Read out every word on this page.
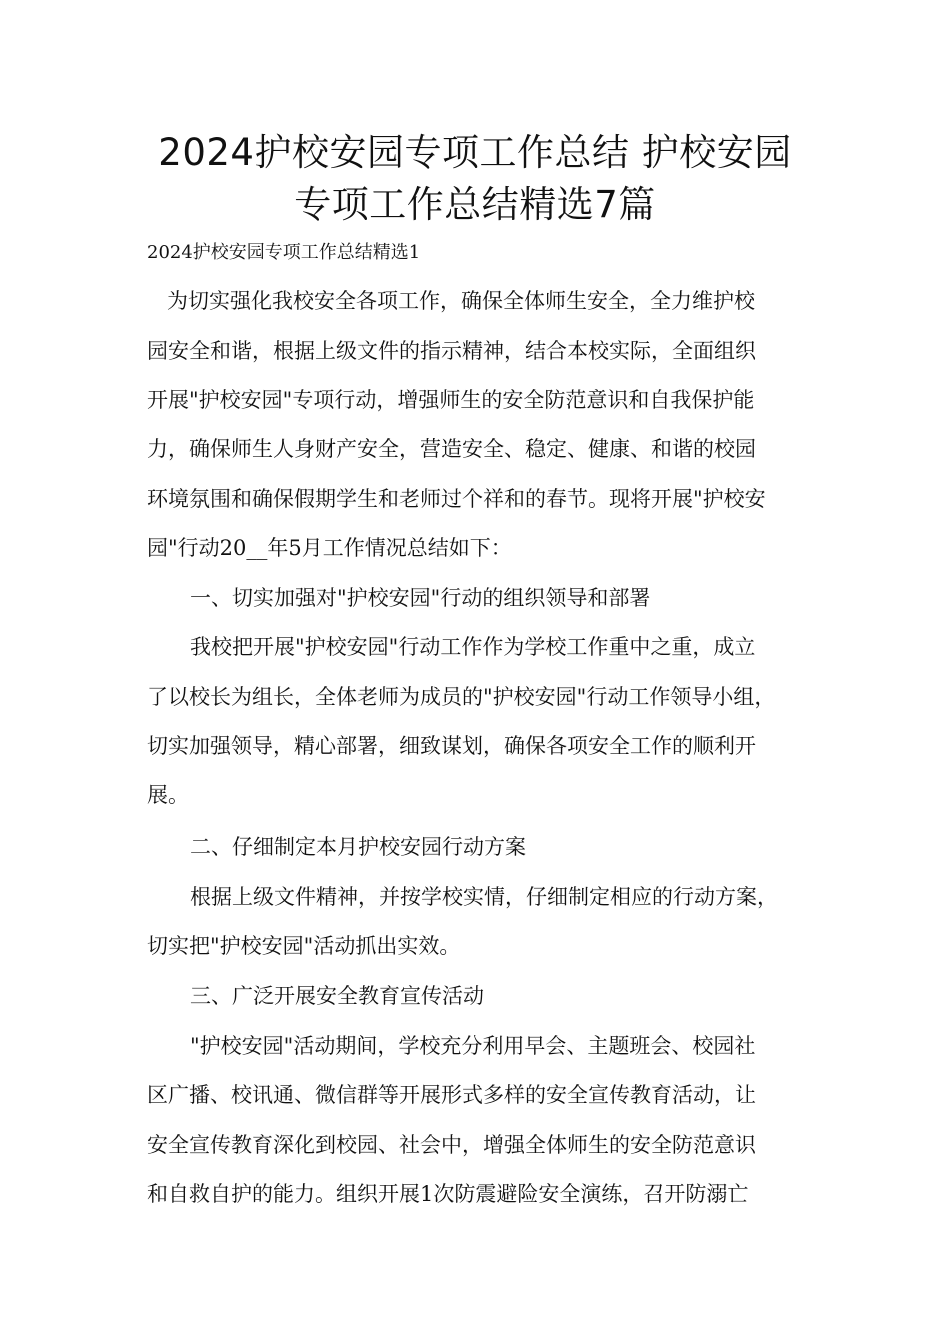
2024护校安园专项工作总结 护校安园
专项工作总结精选7篇

2024护校安园专项工作总结精选1

为切实强化我校安全各项工作，确保全体师生安全，全力维护校

园安全和谐，根据上级文件的指示精神，结合本校实际，全面组织

开展"护校安园"专项行动，增强师生的安全防范意识和自我保护能

力，确保师生人身财产安全，营造安全、稳定、健康、和谐的校园

环境氛围和确保假期学生和老师过个祥和的春节。现将开展"护校安

园"行动20__年5月工作情况总结如下：

一、切实加强对"护校安园"行动的组织领导和部署

我校把开展"护校安园"行动工作作为学校工作重中之重，成立

了以校长为组长，全体老师为成员的"护校安园"行动工作领导小组，

切实加强领导，精心部署，细致谋划，确保各项安全工作的顺利开

展。

二、仔细制定本月护校安园行动方案

根据上级文件精神，并按学校实情，仔细制定相应的行动方案，

切实把"护校安园"活动抓出实效。

三、广泛开展安全教育宣传活动

"护校安园"活动期间，学校充分利用早会、主题班会、校园社

区广播、校讯通、微信群等开展形式多样的安全宣传教育活动，让

安全宣传教育深化到校园、社会中，增强全体师生的安全防范意识

和自救自护的能力。组织开展1次防震避险安全演练，召开防溺亡
